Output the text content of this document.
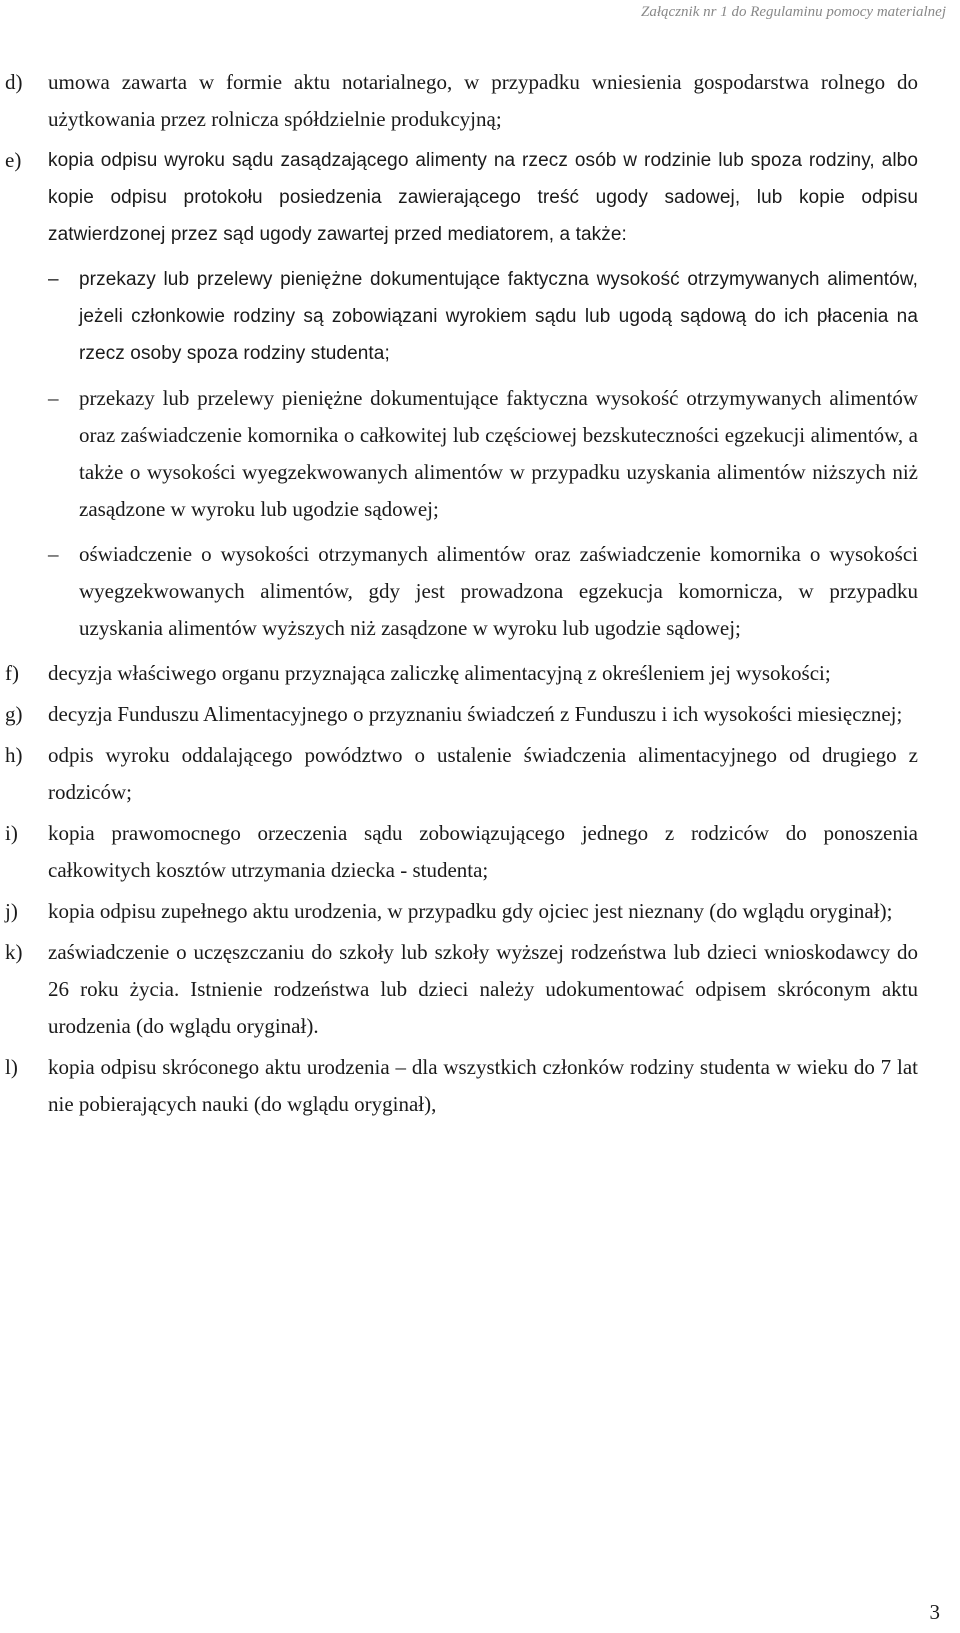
Załącznik nr 1 do Regulaminu pomocy materialnej
d) umowa zawarta w formie aktu notarialnego, w przypadku wniesienia gospodarstwa rolnego do użytkowania przez rolnicza spółdzielnie produkcyjną;
e) kopia odpisu wyroku sądu zasądzającego alimenty na rzecz osób w rodzinie lub spoza rodziny, albo kopie odpisu protokołu posiedzenia zawierającego treść ugody sadowej, lub kopie odpisu zatwierdzonej przez sąd ugody zawartej przed mediatorem, a także:

– przekazy lub przelewy pieniężne dokumentujące faktyczna wysokość otrzymywanych alimentów, jeżeli członkowie rodziny są zobowiązani wyrokiem sądu lub ugodą sądową do ich płacenia na rzecz osoby spoza rodziny studenta;
– przekazy lub przelewy pieniężne dokumentujące faktyczna wysokość otrzymywanych alimentów oraz zaświadczenie komornika o całkowitej lub częściowej bezskuteczności egzekucji alimentów, a także o wysokości wyegzekwowanych alimentów w przypadku uzyskania alimentów niższych niż zasądzone w wyroku lub ugodzie sądowej;
– oświadczenie o wysokości otrzymanych alimentów oraz zaświadczenie komornika o wysokości wyegzekwowanych alimentów, gdy jest prowadzona egzekucja komornicza, w przypadku uzyskania alimentów wyższych niż zasądzone w wyroku lub ugodzie sądowej;
f) decyzja właściwego organu przyznająca zaliczkę alimentacyjną z określeniem jej wysokości;
g) decyzja Funduszu Alimentacyjnego o przyznaniu świadczeń z Funduszu i ich wysokości miesięcznej;
h) odpis wyroku oddalającego powództwo o ustalenie świadczenia alimentacyjnego od drugiego z rodziców;
i) kopia prawomocnego orzeczenia sądu zobowiązującego jednego z rodziców do ponoszenia całkowitych kosztów utrzymania dziecka - studenta;
j) kopia odpisu zupełnego aktu urodzenia, w przypadku gdy ojciec jest nieznany (do wglądu oryginał);
k) zaświadczenie o uczęszczaniu do szkoły lub szkoły wyższej rodzeństwa lub dzieci wnioskodawcy do 26 roku życia. Istnienie rodzeństwa lub dzieci należy udokumentować odpisem skróconym aktu urodzenia (do wglądu oryginał).
l) kopia odpisu skróconego aktu urodzenia – dla wszystkich członków rodziny studenta w wieku do 7 lat nie pobierających nauki (do wglądu oryginał),
3
